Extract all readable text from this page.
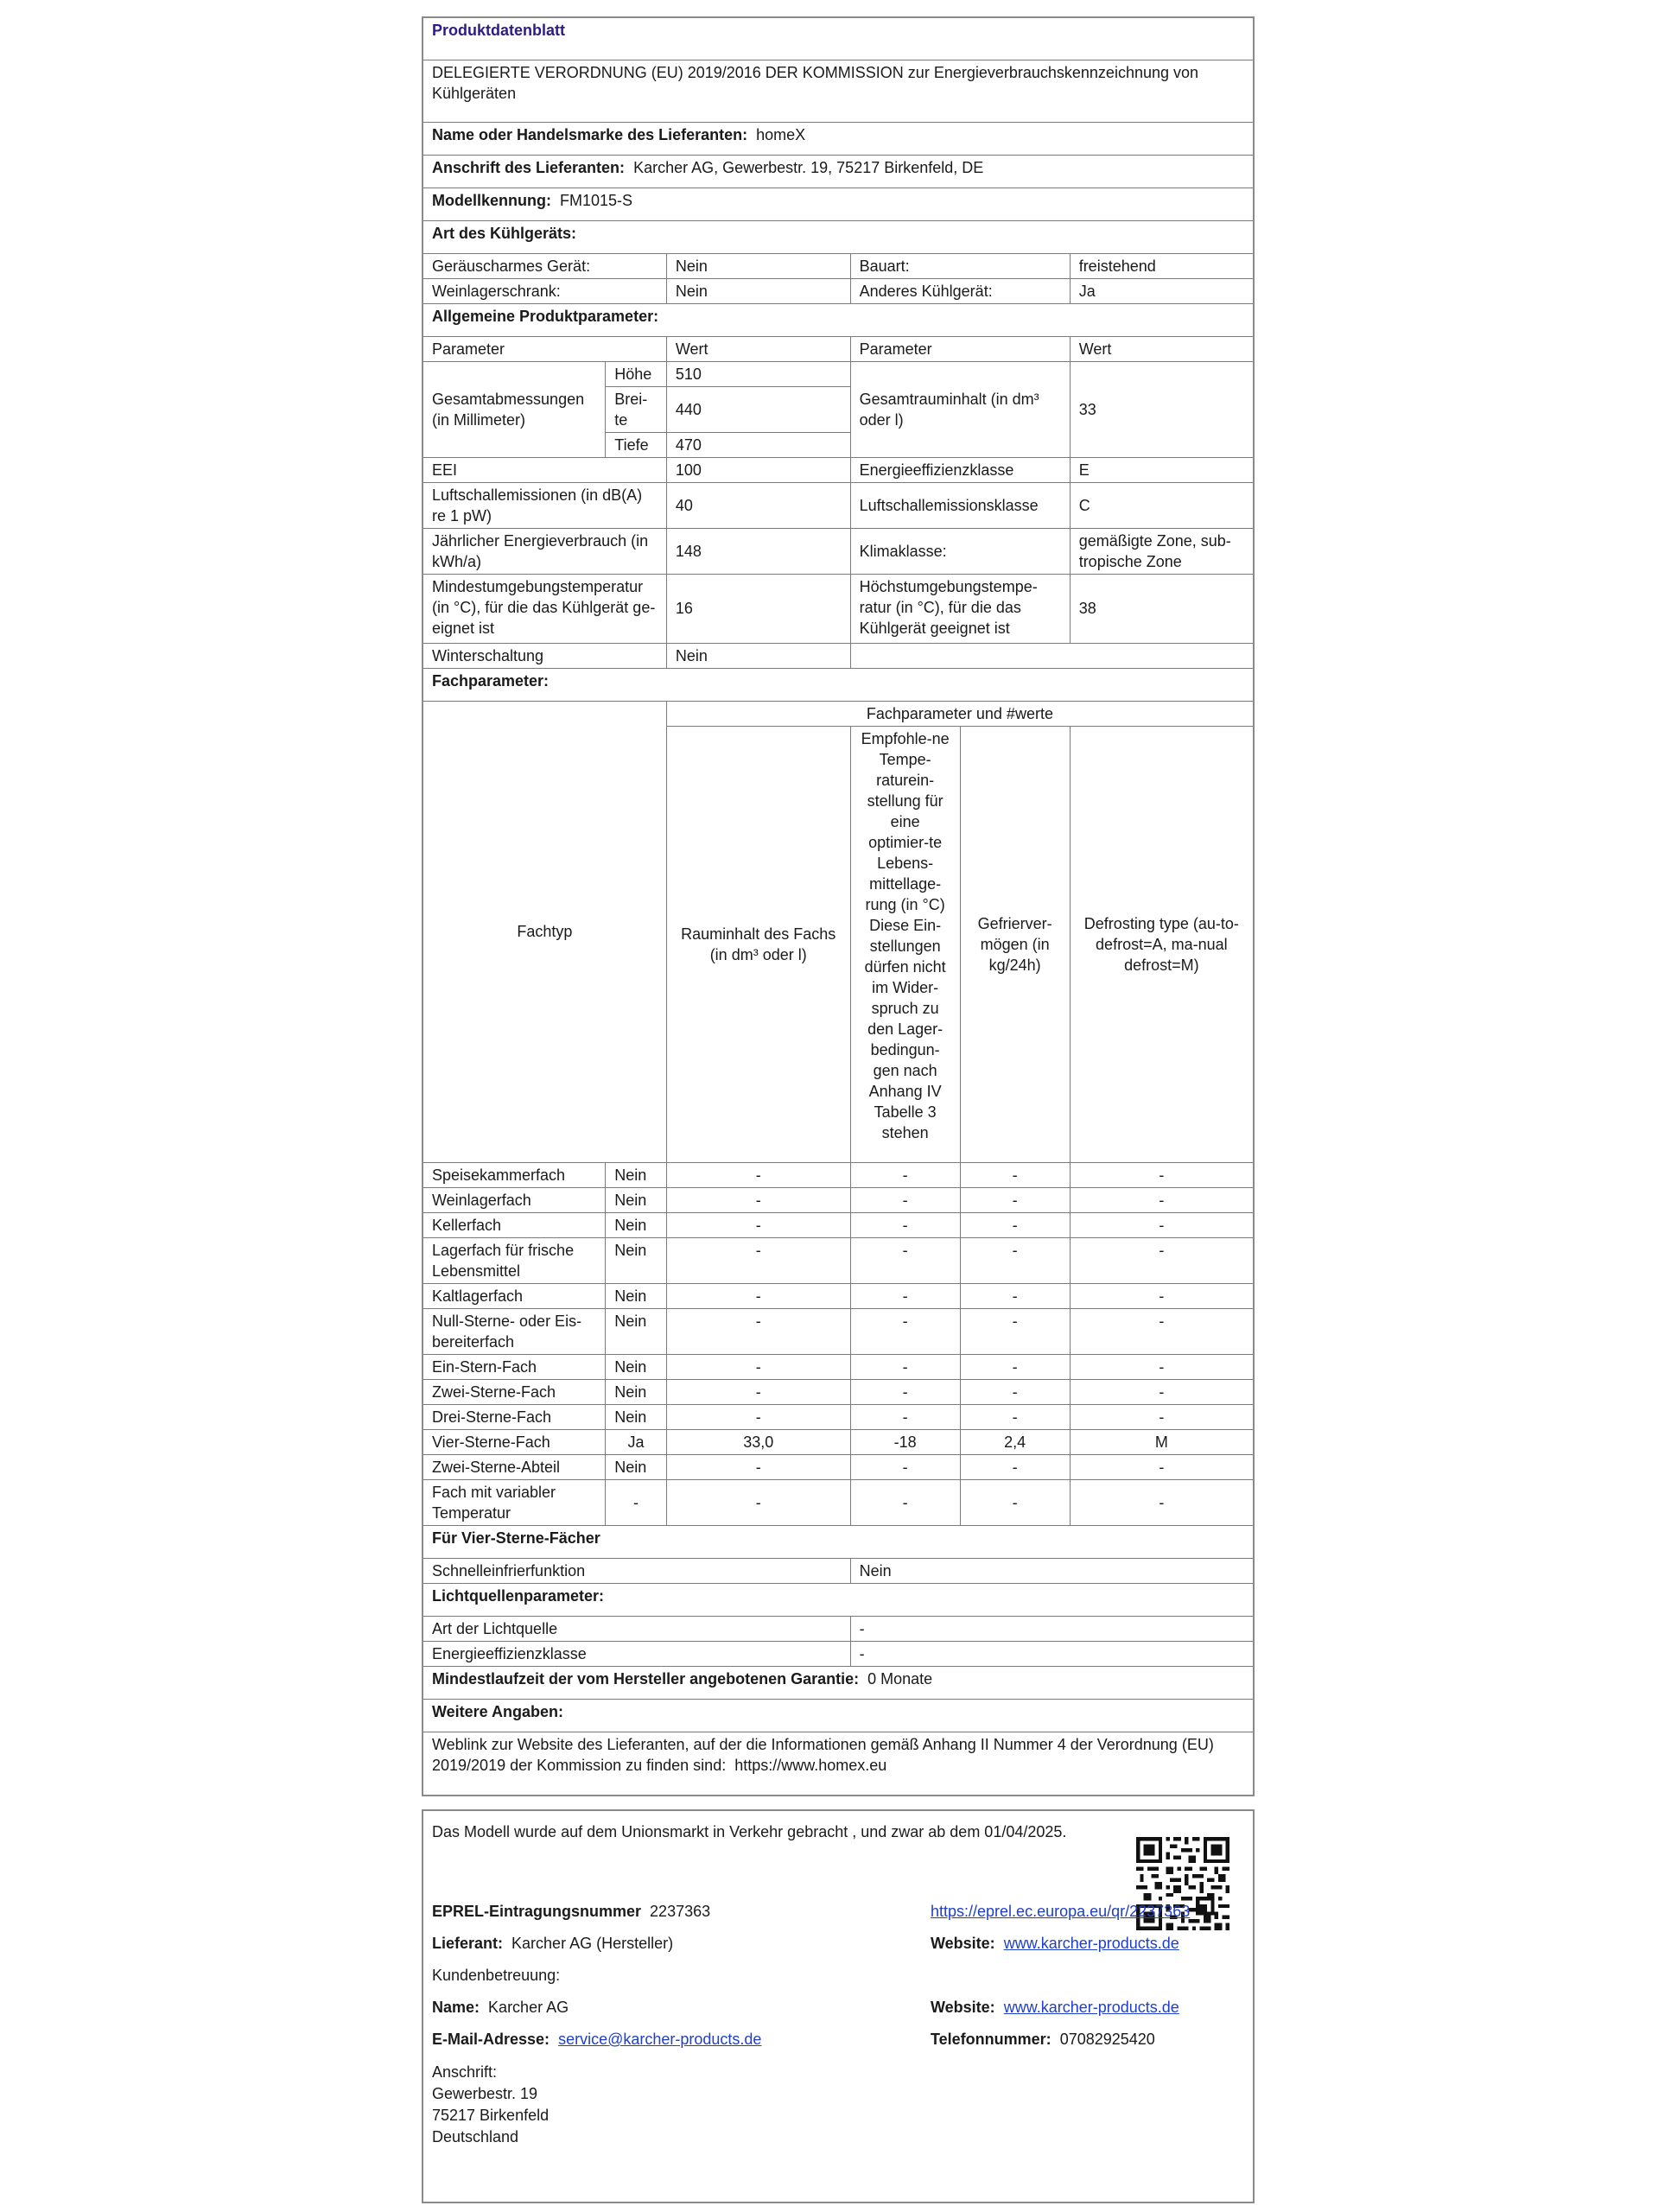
Produktdatenblatt					
DELEGIERTE VERORDNUNG (EU) 2019/2016 DER KOMMISSION zur Energieverbrauchskennzeichnung von Kühlgeräten					
Name oder Handelsmarke des Lieferanten: homeX					
Anschrift des Lieferanten: Karcher AG, Gewerbestr. 19, 75217 Birkenfeld, DE					
Modellkennung: FM1015-S					
Art des Kühlgeräts:					
Geräuscharmes Gerät:		Nein	Bauart:		freistehend
Weinlagerschrank:		Nein	Anderes Kühlgerät:		Ja
Allgemeine Produktparameter:					
Parameter		Wert	Parameter		Wert
Gesamtabmessungen (in Millimeter)	Höhe	510	Gesamtrauminhalt (in dm³ oder l)		33
	Brei-te	440			
	Tiefe	470			
EEI		100	Energieeffizienzklasse		E
Luftschallemissionen (in dB(A) re 1 pW)		40	Luftschallemissionsklasse		C
Jährlicher Energieverbrauch (in kWh/a)		148	Klimaklasse:		gemäßigte Zone, sub-tropische Zone
Mindestumgebungstemperatur (in °C), für die das Kühlgerät ge-eignet ist		16	Höchstumgebungstempe-ratur (in °C), für die das Kühlgerät geeignet ist		38
Winterschaltung		Nein			
Fachparameter:					
Fachtyp		Fachparameter und #werte			
		Rauminhalt des Fachs (in dm³ oder l)	Empfohle-ne Tempe-raturein-stellung für eine optimier-te Lebens-mittellage-rung (in °C) Diese Ein-stellungen dürfen nicht im Wider-spruch zu den Lager-bedingun-gen nach Anhang IV Tabelle 3 stehen	Gefrierver-mögen (in kg/24h)	Defrosting type (au-to-defrost=A, ma-nual defrost=M)
Speisekammerfach	Nein	-	-	-	-
Weinlagerfach	Nein	-	-	-	-
Kellerfach	Nein	-	-	-	-
Lagerfach für frische Lebensmittel	Nein	-	-	-	-
Kaltlagerfach	Nein	-	-	-	-
Null-Sterne- oder Eis-bereiterfach	Nein	-	-	-	-
Ein-Stern-Fach	Nein	-	-	-	-
Zwei-Sterne-Fach	Nein	-	-	-	-
Drei-Sterne-Fach	Nein	-	-	-	-
Vier-Sterne-Fach	Ja	33,0	-18	2,4	M
Zwei-Sterne-Abteil	Nein	-	-	-	-
Fach mit variabler Temperatur	-	-	-	-	-
Für Vier-Sterne-Fächer					
Schnelleinfrierfunktion			Nein		
Lichtquellenparameter:					
Art der Lichtquelle			-		
Energieeffizienzklasse			-		
Mindestlaufzeit der vom Hersteller angebotenen Garantie: 0 Monate					
Weitere Angaben:					
Weblink zur Website des Lieferanten, auf der die Informationen gemäß Anhang II Nummer 4 der Verordnung (EU) 2019/2019 der Kommission zu finden sind: https://www.homex.eu					
Das Modell wurde auf dem Unionsmarkt in Verkehr gebracht , und zwar ab dem 01/04/2025.
EPREL-Eintragungsnummer 2237363	https://eprel.ec.europa.eu/qr/2237363
Lieferant: Karcher AG (Hersteller)	Website: www.karcher-products.de
Kundenbetreuung:
Name: Karcher AG	Website: www.karcher-products.de
E-Mail-Adresse: service@karcher-products.de	Telefonnummer: 07082925420
Anschrift:
Gewerbestr. 19
75217 Birkenfeld
Deutschland
